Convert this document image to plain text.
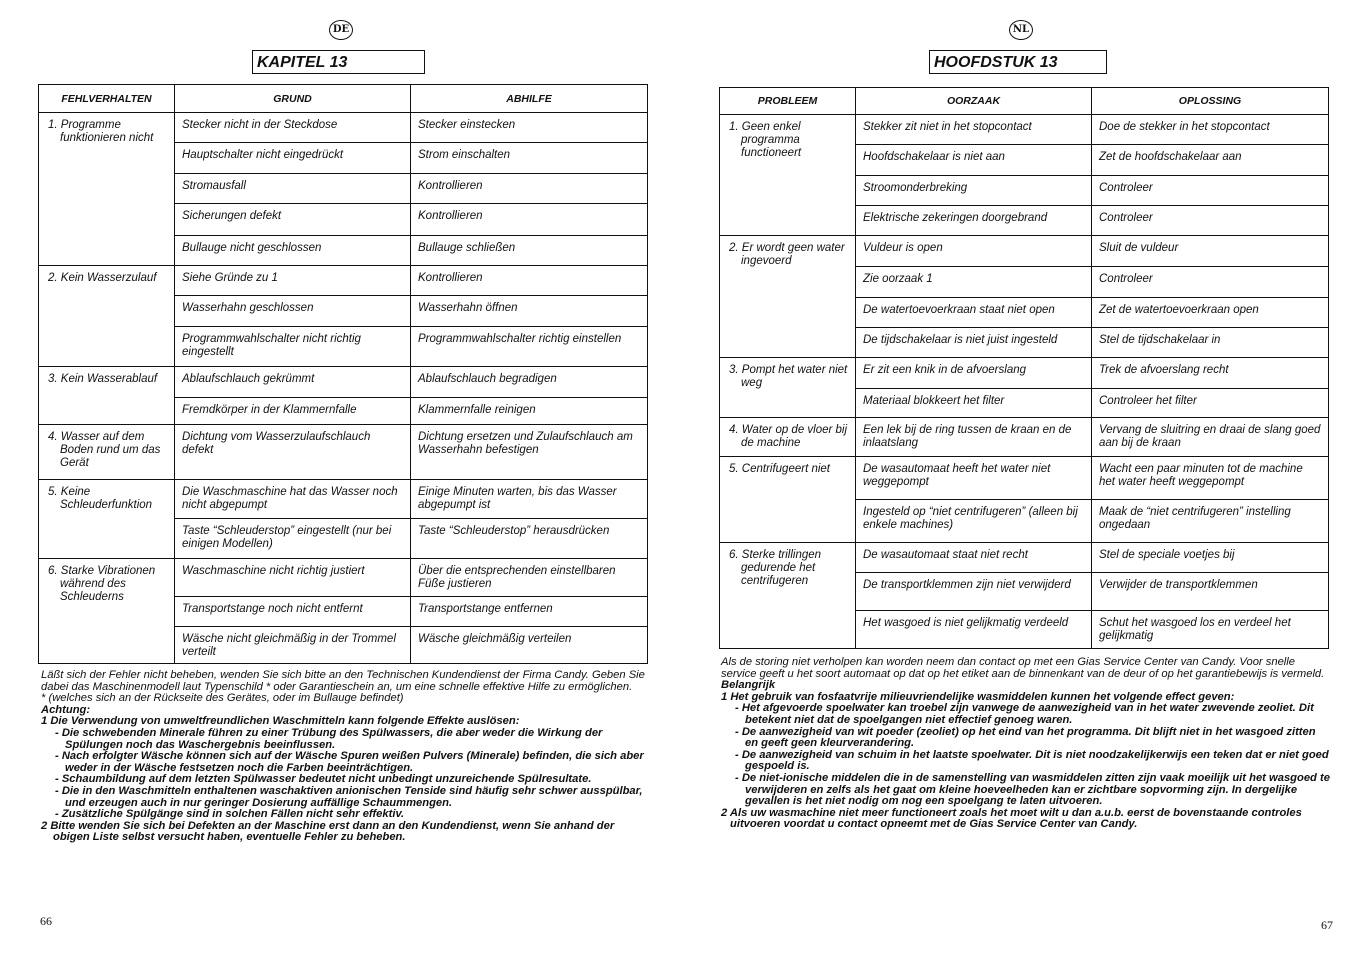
DE
KAPITEL 13
FEHLVERHALTEN	GRUND	ABHILFE

1. Programme funktionieren nicht	Stecker nicht in der Steckdose	Stecker einstecken
	Hauptschalter nicht eingedrückt	Strom einschalten
	Stromausfall	Kontrollieren
	Sicherungen defekt	Kontrollieren
	Bullauge nicht geschlossen	Bullauge schließen

2. Kein Wasserzulauf	Siehe Gründe zu 1	Kontrollieren
	Wasserhahn geschlossen	Wasserhahn öffnen
	Programmwahlschalter nicht richtig eingestellt	Programmwahlschalter richtig einstellen

3. Kein Wasserablauf	Ablaufschlauch gekrümmt	Ablaufschlauch begradigen
	Fremdkörper in der Klammernfalle	Klammernfalle reinigen

4. Wasser auf dem Boden rund um das Gerät	Dichtung vom Wasserzulaufschlauch defekt	Dichtung ersetzen und Zulaufschlauch am Wasserhahn befestigen

5. Keine Schleuderfunktion	Die Waschmaschine hat das Wasser noch nicht abgepumpt	Einige Minuten warten, bis das Wasser abgepumpt ist
	Taste “Schleuderstop” eingestellt (nur bei einigen Modellen)	Taste “Schleuderstop” herausdrücken

6. Starke Vibrationen während des Schleuderns	Waschmaschine nicht richtig justiert	Über die entsprechenden einstellbaren Füße justieren
	Transportstange noch nicht entfernt	Transportstange entfernen
	Wäsche nicht gleichmäßig in der Trommel verteilt	Wäsche gleichmäßig verteilen

Läßt sich der Fehler nicht beheben, wenden Sie sich bitte an den Technischen Kundendienst der Firma Candy. Geben Sie dabei das Maschinenmodell laut Typenschild * oder Garantieschein an, um eine schnelle effektive Hilfe zu ermöglichen.

* (welches sich an der Rückseite des Gerätes, oder im Bullauge befindet)

Achtung:

1 Die Verwendung von umweltfreundlichen Waschmitteln kann folgende Effekte auslösen:

- Die schwebenden Minerale führen zu einer Trübung des Spülwassers, die aber weder die Wirkung der Spülungen noch das Waschergebnis beeinflussen.

- Nach erfolgter Wäsche können sich auf der Wäsche Spuren weißen Pulvers (Minerale) befinden, die sich aber weder in der Wäsche festsetzen noch die Farben beeinträchtigen.

- Schaumbildung auf dem letzten Spülwasser bedeutet nicht unbedingt unzureichende Spülresultate.

- Die in den Waschmitteln enthaltenen waschaktiven anionischen Tenside sind häufig sehr schwer ausspülbar, und erzeugen auch in nur geringer Dosierung auffällige Schaummengen.

- Zusätzliche Spülgänge sind in solchen Fällen nicht sehr effektiv.

2 Bitte wenden Sie sich bei Defekten an der Maschine erst dann an den Kundendienst, wenn Sie anhand der obigen Liste selbst versucht haben, eventuelle Fehler zu beheben.

66
NL
HOOFDSTUK 13
PROBLEEM	OORZAAK	OPLOSSING

1. Geen enkel programma functioneert	Stekker zit niet in het stopcontact	Doe de stekker in het stopcontact
	Hoofdschakelaar is niet aan	Zet de hoofdschakelaar aan
	Stroomonderbreking	Controleer
	Elektrische zekeringen doorgebrand	Controleer

2. Er wordt geen water ingevoerd	Vuldeur is open	Sluit de vuldeur
	Zie oorzaak 1	Controleer
	De watertoevoerkraan staat niet open	Zet de watertoevoerkraan open
	De tijdschakelaar is niet juist ingesteld	Stel de tijdschakelaar in

3. Pompt het water niet weg	Er zit een knik in de afvoerslang	Trek de afvoerslang recht
	Materiaal blokkeert het filter	Controleer het filter

4. Water op de vloer bij de machine	Een lek bij de ring tussen de kraan en de inlaatslang	Vervang de sluitring en draai de slang goed aan bij de kraan

5. Centrifugeert niet	De wasautomaat heeft het water niet weggepompt	Wacht een paar minuten tot de machine het water heeft weggepompt
	Ingesteld op “niet centrifugeren” (alleen bij enkele machines)	Maak de “niet centrifugeren” instelling ongedaan

6. Sterke trillingen gedurende het centrifugeren	De wasautomaat staat niet recht	Stel de speciale voetjes bij
	De transportklemmen zijn niet verwijderd	Verwijder de transportklemmen
	Het wasgoed is niet gelijkmatig verdeeld	Schut het wasgoed los en verdeel het gelijkmatig

Als de storing niet verholpen kan worden neem dan contact op met een Gias Service Center van Candy. Voor snelle service geeft u het soort automaat op dat op het etiket aan de binnenkant van de deur of op het garantiebewijs is vermeld.

Belangrijk

1 Het gebruik van fosfaatvrije milieuvriendelijke wasmiddelen kunnen het volgende effect geven:

- Het afgevoerde spoelwater kan troebel zijn vanwege de aanwezigheid van in het water zwevende zeoliet. Dit betekent niet dat de spoelgangen niet effectief genoeg waren.

- De aanwezigheid van wit poeder (zeoliet) op het eind van het programma. Dit blijft niet in het wasgoed zitten en geeft geen kleurverandering.

- De aanwezigheid van schuim in het laatste spoelwater. Dit is niet noodzakelijkerwijs een teken dat er niet goed gespoeld is.

- De niet-ionische middelen die in de samenstelling van wasmiddelen zitten zijn vaak moeilijk uit het wasgoed te verwijderen en zelfs als het gaat om kleine hoeveelheden kan er zichtbare sopvorming zijn. In dergelijke gevallen is het niet nodig om nog een spoelgang te laten uitvoeren.

2 Als uw wasmachine niet meer functioneert zoals het moet wilt u dan a.u.b. eerst de bovenstaande controles uitvoeren voordat u contact opneemt met de Gias Service Center van Candy.

67
